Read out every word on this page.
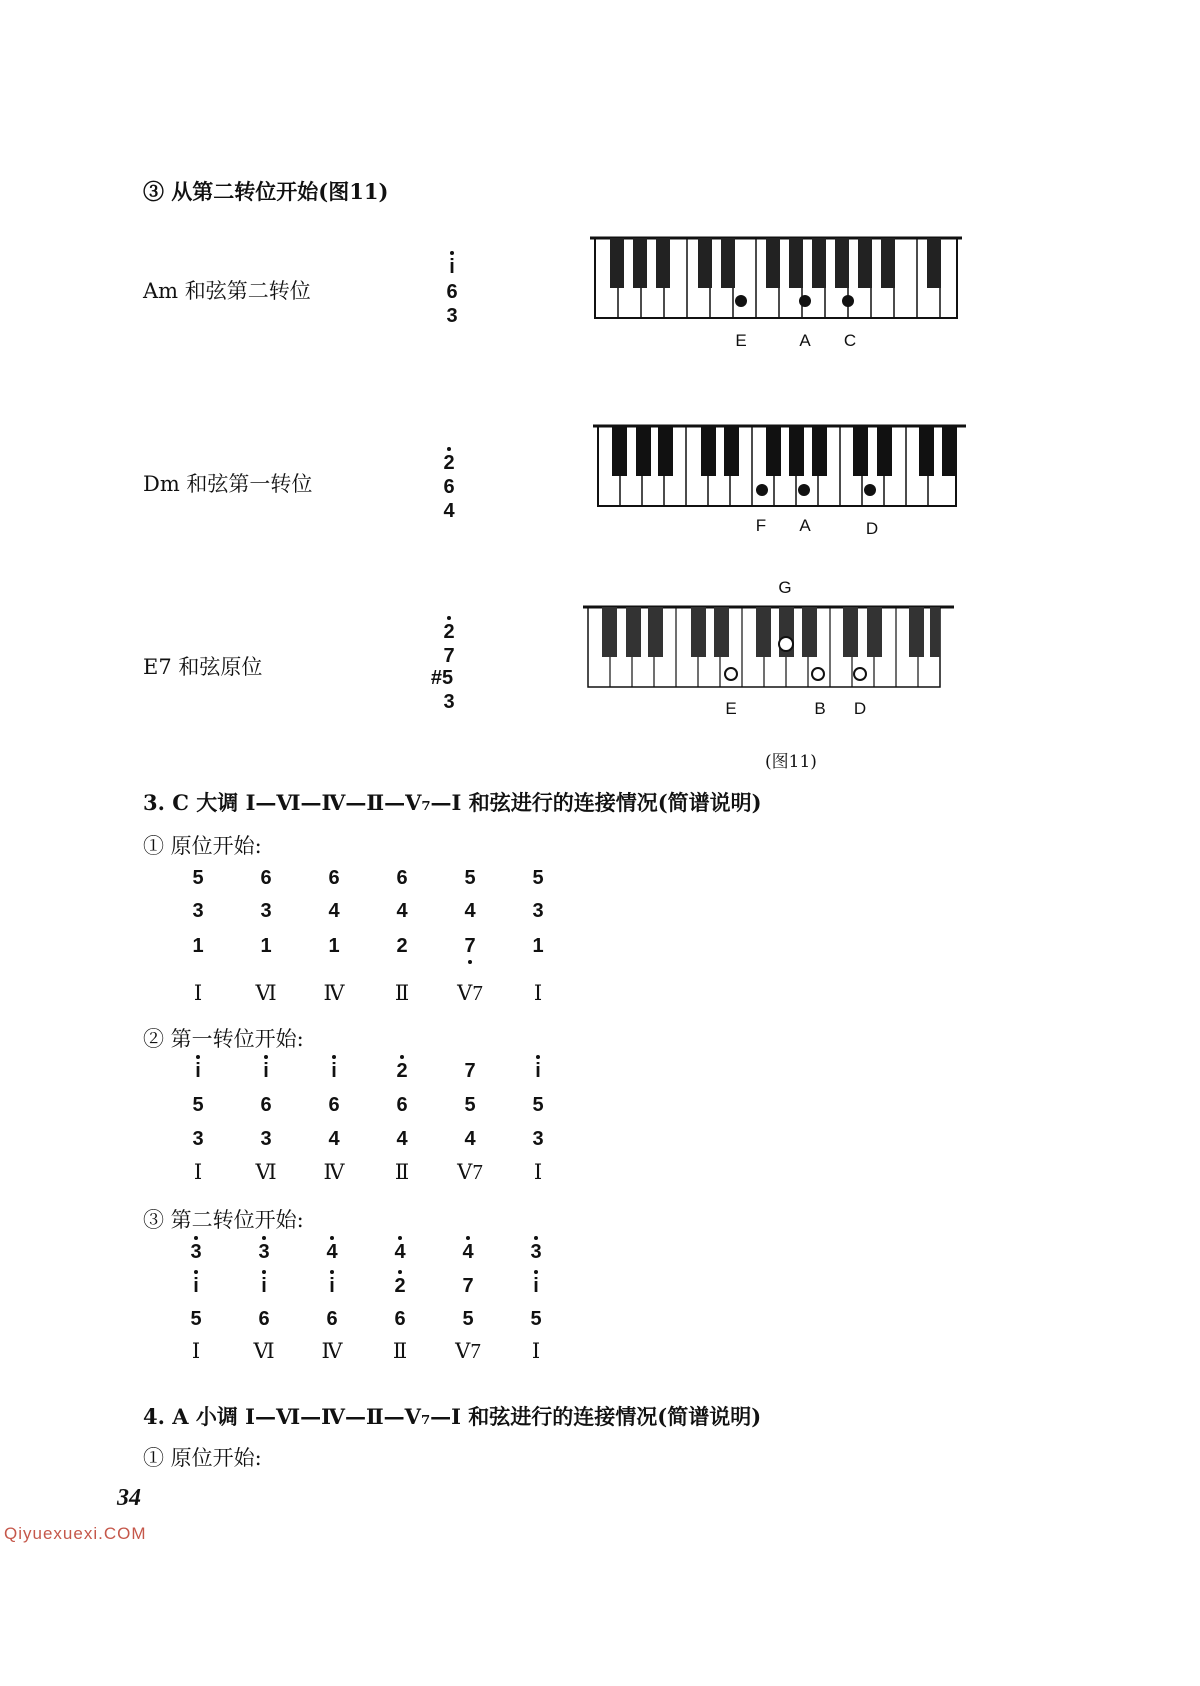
③ 从第二转位开始(图11)
Am 和弦第二转位
i
6
3
E	A	C
Dm 和弦第一转位
2
6
4
F	A	D
G
E7 和弦原位
2
7
#5
3	E	B	D
(图11)
3. C 大调 Ⅰ—Ⅵ—Ⅳ—Ⅱ—Ⅴ₇—Ⅰ 和弦进行的连接情况(简谱说明)
① 原位开始:
5	6	6	6	5	5
3	3	4	4	4	3
1	1	1	2	7	1
Ⅰ	Ⅵ	Ⅳ	Ⅱ	Ⅴ7	Ⅰ
② 第一转位开始:
i	i	i	2	7	i
5	6	6	6	5	5
3	3	4	4	4	3
Ⅰ	Ⅵ	Ⅳ	Ⅱ	Ⅴ7	Ⅰ
③ 第二转位开始:
3	3	4	4	4	3
i	i	i	2	7	i
5	6	6	6	5	5
Ⅰ	Ⅵ	Ⅳ	Ⅱ	Ⅴ7	Ⅰ
4. A 小调 Ⅰ—Ⅵ—Ⅳ—Ⅱ—Ⅴ₇—Ⅰ 和弦进行的连接情况(简谱说明)
① 原位开始:
34
Qiyuexuexi.COM
